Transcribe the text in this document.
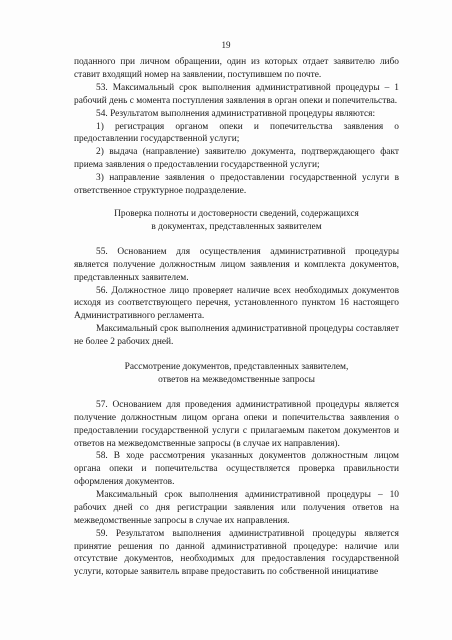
19

поданного при личном обращении, один из которых отдает заявителю либо ставит входящий номер на заявлении, поступившем по почте.

53. Максимальный срок выполнения административной процедуры – 1 рабочий день с момента поступления заявления в орган опеки и попечительства.

54. Результатом выполнения административной процедуры являются:

1) регистрация органом опеки и попечительства заявления о предоставлении государственной услуги;

2) выдача (направление) заявителю документа, подтверждающего факт приема заявления о предоставлении государственной услуги;

3) направление заявления о предоставлении государственной услуги в ответственное структурное подразделение.

Проверка полноты и достоверности сведений, содержащихся
в документах, представленных заявителем

55. Основанием для осуществления административной процедуры является получение должностным лицом заявления и комплекта документов, представленных заявителем.

56. Должностное лицо проверяет наличие всех необходимых документов исходя из соответствующего перечня, установленного пунктом 16 настоящего Административного регламента.

Максимальный срок выполнения административной процедуры составляет не более 2 рабочих дней.

Рассмотрение документов, представленных заявителем,
ответов на межведомственные запросы

57. Основанием для проведения административной процедуры является получение должностным лицом органа опеки и попечительства заявления о предоставлении государственной услуги с прилагаемым пакетом документов и ответов на межведомственные запросы (в случае их направления).

58. В ходе рассмотрения указанных документов должностным лицом органа опеки и попечительства осуществляется проверка правильности оформления документов.

Максимальный срок выполнения административной процедуры – 10 рабочих дней со дня регистрации заявления или получения ответов на межведомственные запросы в случае их направления.

59. Результатом выполнения административной процедуры является принятие решения по данной административной процедуре: наличие или отсутствие документов, необходимых для предоставления государственной услуги, которые заявитель вправе предоставить по собственной инициативе
